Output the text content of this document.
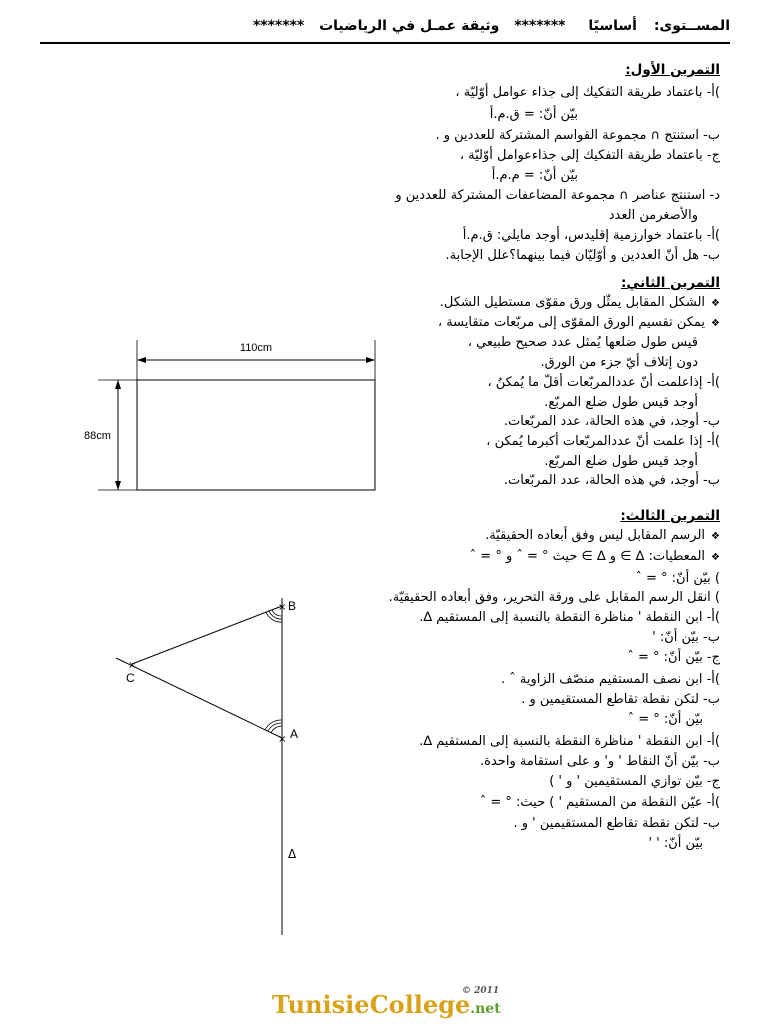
المســتوى: أساسيًا ******* وثيقة عمـل في الرياضيات *******
التمرين الأول:
)أ- باعتماد طريقة التفكيك إلى جذاء عوامل أوّليّة ،
بيّن أنّ: = ق.م.أ
ب- استنتج ∩ مجموعة القواسم المشتركة للعددين و .
ج- باعتماد طريقة التفكيك إلى جذاءعوامل أوّليّة ،
بيّن أنّ: = م.م.أ
د- استنتج عناصر ∩ مجموعة المضاعفات المشتركة للعددين و
والأصغرمن العدد
)أ- باعتماد خوارزمية إقليدس، أوجد مايلي: ق.م.أ
ب- هل أنّ العددين و أوّليّان فيما بينهما؟علل الإجابة.
التمرين الثاني:
❖ الشكل المقابل يمثّل ورق مقوّى مستطيل الشكل.
❖ يمكن تقسيم الورق المقوّى إلى مربّعات متقايسة ،
قيس طول ضلعها يُمثل عدد صحيح طبيعي ،
دون إتلاف أيّ جزء من الورق.
)أ- إذاعلمت أنّ عددالمربّعات أقلّ ما يُمكنُ ،
أوجد قيس طول ضلع المربّع.
ب- أوجد، في هذه الحالة، عدد المربّعات.
)أ- إذا علمت أنّ عددالمربّعات أكبرما يُمكن ،
أوجد قيس طول ضلع المربّع.
ب- أوجد، في هذه الحالة، عدد المربّعات.
110cm
88cm
التمرين الثالث:
❖ الرسم المقابل ليس وفق أبعاده الحقيقيّة.
❖ المعطيات: ∆ ∋ و ∆ ∋ حيث ° = ˆ و ° = ˆ
) بيّن أنّ: ° = ˆ
) انقل الرسم المقابل على ورقة التحرير، وفق أبعاده الحقيقيّة.
)أ- ابن النقطة ' مناظرة النقطة بالنسبة إلى المستقيم ∆.
ب- بيّن أنّ: '
ج- بيّن أنّ: ° = ˆ
)أ- ابن نصف المستقيم منصّف الزاوية ˆ .
ب- لتكن نقطة تقاطع المستقيمين و .
بيّن أنّ: ° = ˆ
)أ- ابن النقطة ' مناظرة النقطة بالنسبة إلى المستقيم ∆.
ب- بيّن أنّ النقاط ' و' و على استقامة واحدة.
ج- بيّن توازي المستقيمين ' و ' )
)أ- عيّن النقطة من المستقيم ' ) حيث: ° = ˆ
ب- لتكن نقطة تقاطع المستقيمين ' و .
بيّن أنّ: ' '
×
×
×
B
A
C
Δ
TunisieCollege.net
© 2011
